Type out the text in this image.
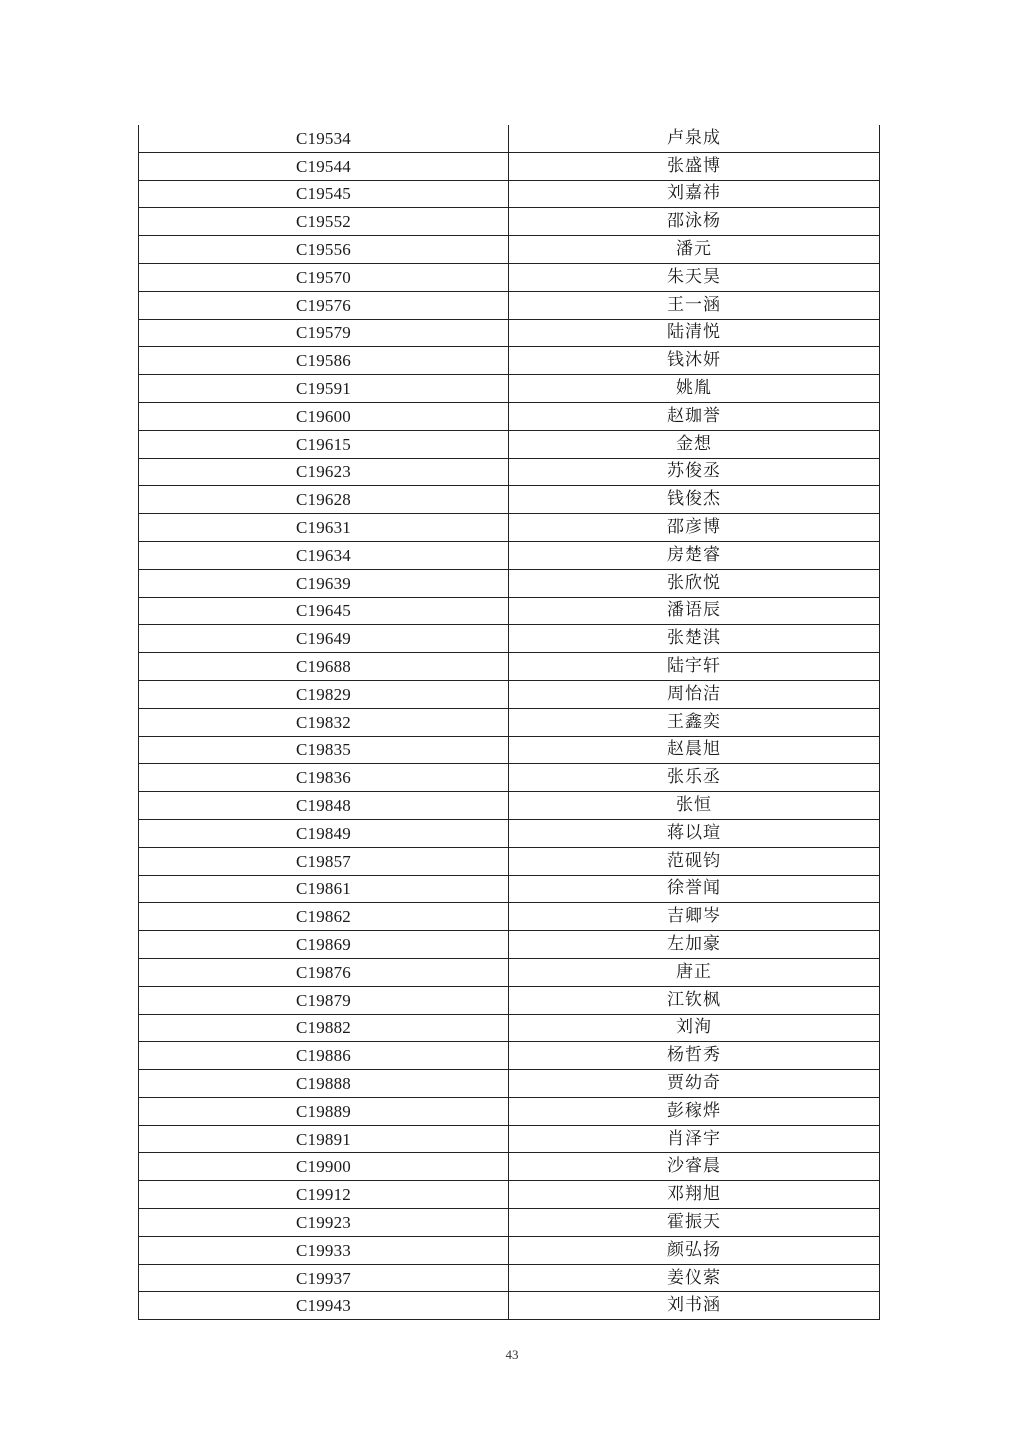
C19534	卢泉成
C19544	张盛博
C19545	刘嘉祎
C19552	邵泳杨
C19556	潘元
C19570	朱天昊
C19576	王一涵
C19579	陆清悦
C19586	钱沐妍
C19591	姚胤
C19600	赵珈誉
C19615	金想
C19623	苏俊丞
C19628	钱俊杰
C19631	邵彦博
C19634	房楚睿
C19639	张欣悦
C19645	潘语辰
C19649	张楚淇
C19688	陆宇轩
C19829	周怡洁
C19832	王鑫奕
C19835	赵晨旭
C19836	张乐丞
C19848	张恒
C19849	蒋以瑄
C19857	范砚钧
C19861	徐誉闻
C19862	吉卿岑
C19869	左加豪
C19876	唐正
C19879	江钦枫
C19882	刘洵
C19886	杨哲秀
C19888	贾幼奇
C19889	彭稼烨
C19891	肖泽宇
C19900	沙睿晨
C19912	邓翔旭
C19923	霍振天
C19933	颜弘扬
C19937	姜仪萦
C19943	刘书涵
43
